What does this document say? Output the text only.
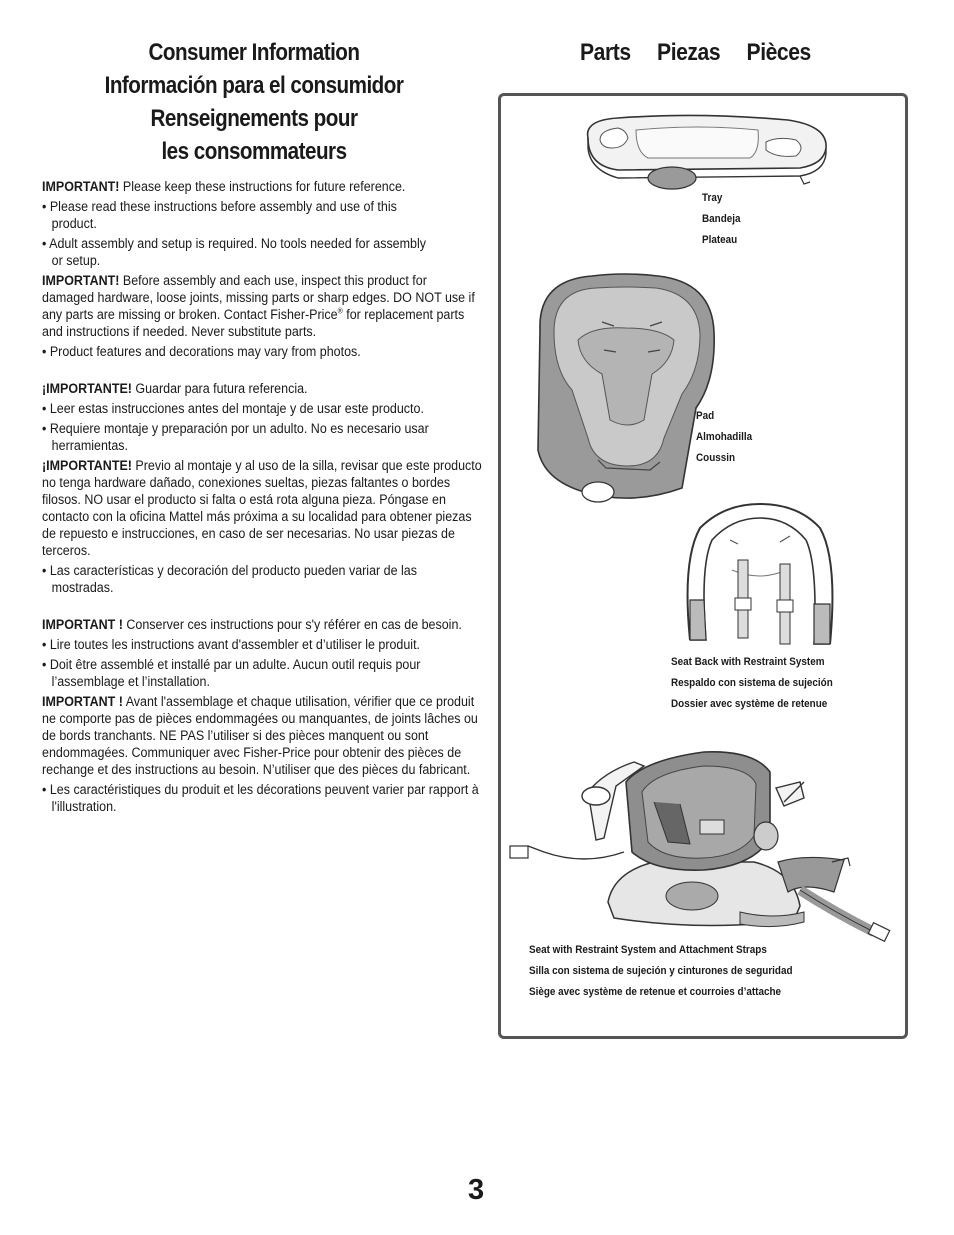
Consumer Information
Información para el consumidor
Renseignements pour
les consommateurs

IMPORTANT! Please keep these instructions for future reference.

• Please read these instructions before assembly and use of this product.

• Adult assembly and setup is required. No tools needed for assembly or setup.

IMPORTANT! Before assembly and each use, inspect this product for damaged hardware, loose joints, missing parts or sharp edges. DO NOT use if any parts are missing or broken. Contact Fisher-Price® for replacement parts and instructions if needed. Never substitute parts.

• Product features and decorations may vary from photos.

¡IMPORTANTE! Guardar para futura referencia.

• Leer estas instrucciones antes del montaje y de usar este producto.

• Requiere montaje y preparación por un adulto. No es necesario usar herramientas.

¡IMPORTANTE! Previo al montaje y al uso de la silla, revisar que este producto no tenga hardware dañado, conexiones sueltas, piezas faltantes o bordes filosos. NO usar el producto si falta o está rota alguna pieza. Póngase en contacto con la oficina Mattel más próxima a su localidad para obtener piezas de repuesto e instrucciones, en caso de ser necesarias. No usar piezas de terceros.

• Las características y decoración del producto pueden variar de las mostradas.

IMPORTANT ! Conserver ces instructions pour s'y référer en cas de besoin.

• Lire toutes les instructions avant d'assembler et d’utiliser le produit.

• Doit être assemblé et installé par un adulte. Aucun outil requis pour l’assemblage et l’installation.

IMPORTANT ! Avant l'assemblage et chaque utilisation, vérifier que ce produit ne comporte pas de pièces endommagées ou manquantes, de joints lâches ou de bords tranchants. NE PAS l’utiliser si des pièces manquent ou sont endommagées. Communiquer avec Fisher-Price pour obtenir des pièces de rechange et des instructions au besoin. N’utiliser que des pièces du fabricant.

• Les caractéristiques du produit et les décorations peuvent varier par rapport à l'illustration.

Parts Piezas Pièces
Tray
Bandeja
Plateau
Pad
Almohadilla
Coussin
Seat Back with Restraint System
Respaldo con sistema de sujeción
Dossier avec système de retenue
Seat with Restraint System and Attachment Straps
Silla con sistema de sujeción y cinturones de seguridad
Siège avec système de retenue et courroies d’attache
3
